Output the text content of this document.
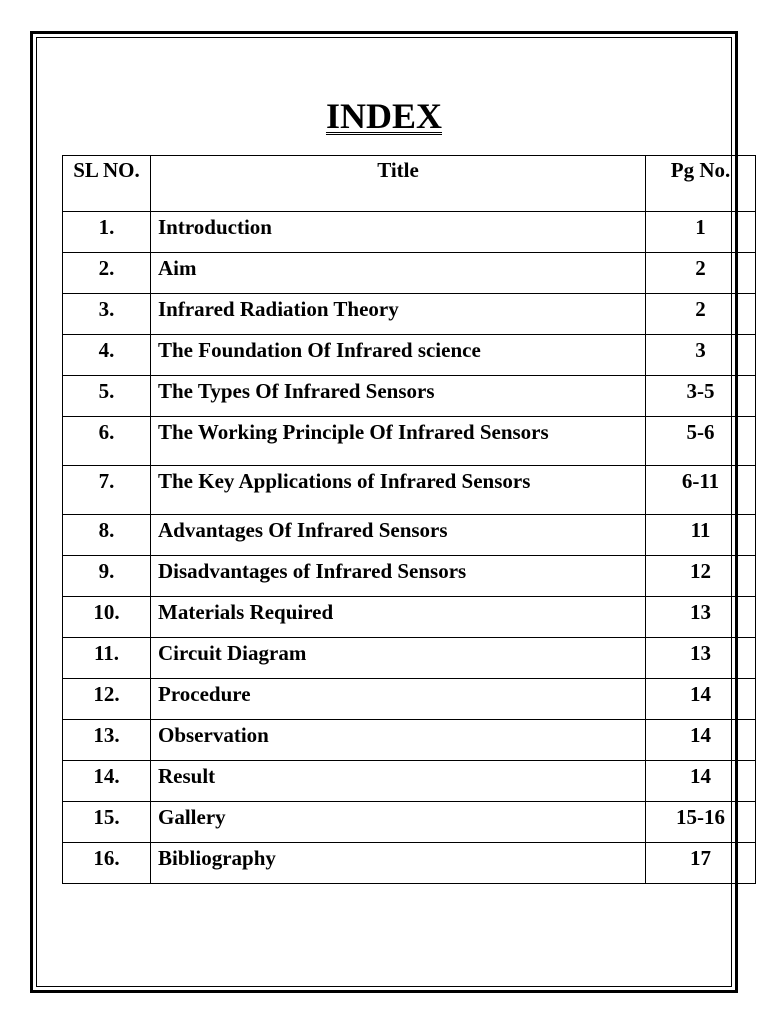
INDEX
SL NO.	Title	Pg No.
1.	Introduction	1
2.	Aim	2
3.	Infrared Radiation Theory	2
4.	The Foundation Of Infrared science	3
5.	The Types Of Infrared Sensors	3-5
6.	The Working Principle Of Infrared Sensors	5-6
7.	The Key Applications of Infrared Sensors	6-11
8.	Advantages Of Infrared Sensors	11
9.	Disadvantages of Infrared Sensors	12
10.	Materials Required	13
11.	Circuit Diagram	13
12.	Procedure	14
13.	Observation	14
14.	Result	14
15.	Gallery	15-16
16.	Bibliography	17
